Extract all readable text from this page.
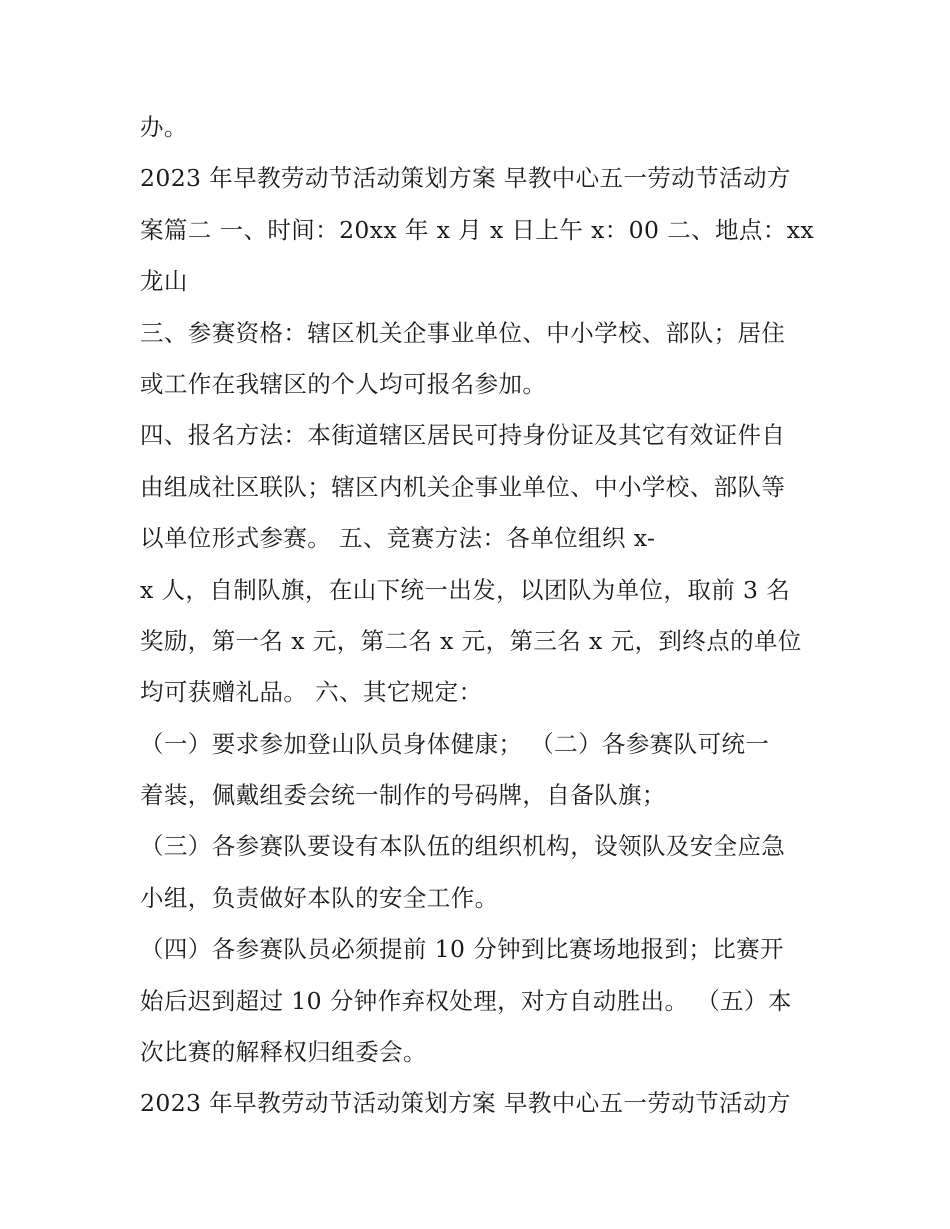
办。
2023 年早教劳动节活动策划方案 早教中心五一劳动节活动方
案篇二 一、时间：20xx 年 x 月 x 日上午 x：00 二、地点：xx
龙山
三、参赛资格：辖区机关企事业单位、中小学校、部队；居住
或工作在我辖区的个人均可报名参加。
四、报名方法：本街道辖区居民可持身份证及其它有效证件自
由组成社区联队；辖区内机关企事业单位、中小学校、部队等
以单位形式参赛。 五、竞赛方法：各单位组织 x-
x 人，自制队旗，在山下统一出发，以团队为单位，取前 3 名
奖励，第一名 x 元，第二名 x 元，第三名 x 元，到终点的单位
均可获赠礼品。 六、其它规定：
（一）要求参加登山队员身体健康； （二）各参赛队可统一
着装，佩戴组委会统一制作的号码牌，自备队旗；
（三）各参赛队要设有本队伍的组织机构，设领队及安全应急
小组，负责做好本队的安全工作。
（四）各参赛队员必须提前 10 分钟到比赛场地报到；比赛开
始后迟到超过 10 分钟作弃权处理，对方自动胜出。 （五）本
次比赛的解释权归组委会。
2023 年早教劳动节活动策划方案 早教中心五一劳动节活动方
